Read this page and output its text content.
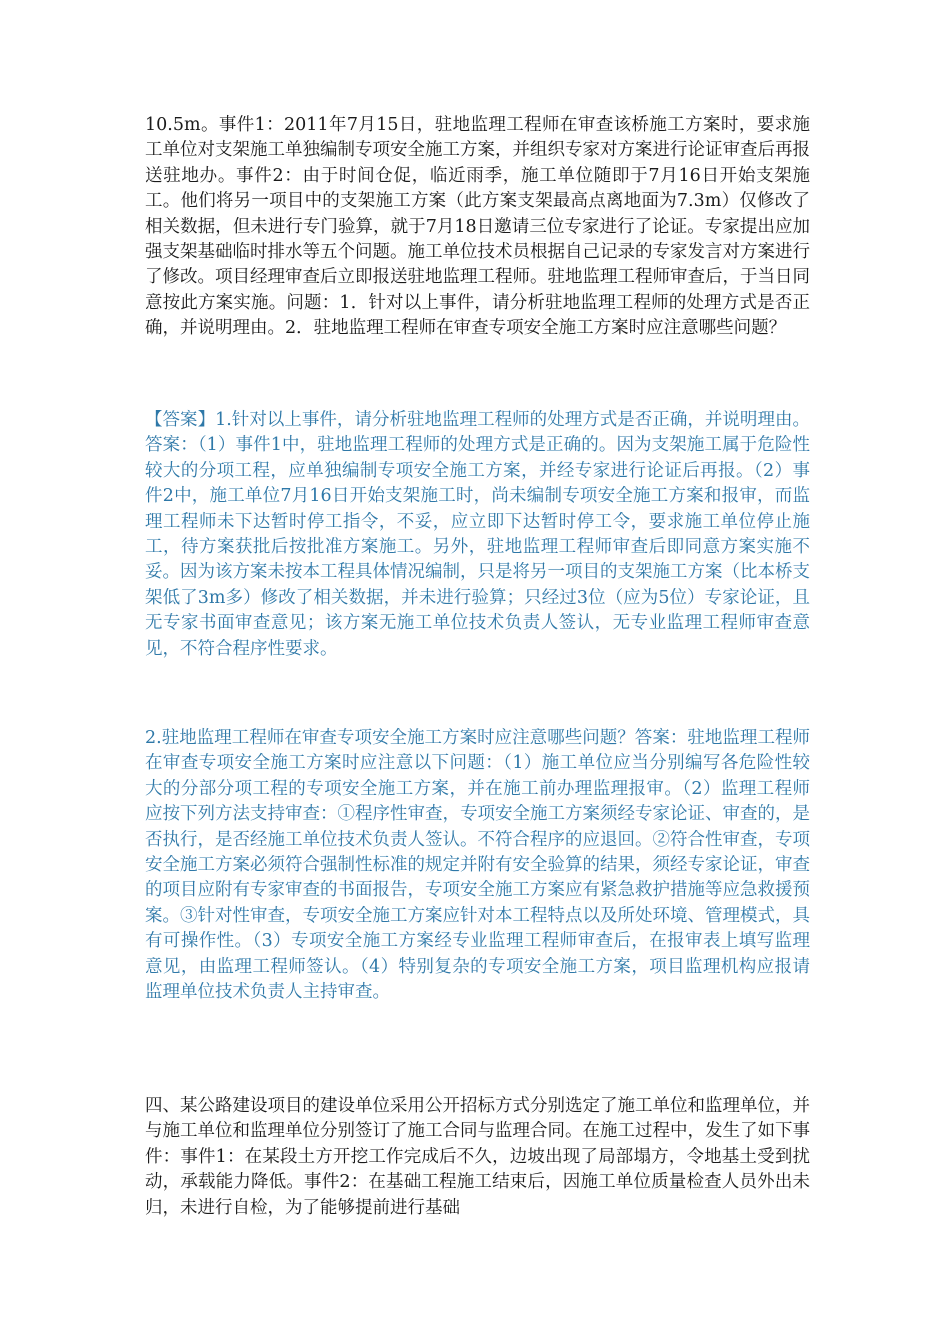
10.5m。事件1：2011年7月15日，驻地监理工程师在审查该桥施工方案时，要求施工单位对支架施工单独编制专项安全施工方案，并组织专家对方案进行论证审查后再报送驻地办。事件2：由于时间仓促，临近雨季，施工单位随即于7月16日开始支架施工。他们将另一项目中的支架施工方案（此方案支架最高点离地面为7.3m）仅修改了相关数据，但未进行专门验算，就于7月18日邀请三位专家进行了论证。专家提出应加强支架基础临时排水等五个问题。施工单位技术员根据自己记录的专家发言对方案进行了修改。项目经理审查后立即报送驻地监理工程师。驻地监理工程师审查后，于当日同意按此方案实施。问题：1．针对以上事件，请分析驻地监理工程师的处理方式是否正确，并说明理由。2．驻地监理工程师在审查专项安全施工方案时应注意哪些问题？

【答案】1.针对以上事件，请分析驻地监理工程师的处理方式是否正确，并说明理由。答案：（1）事件1中，驻地监理工程师的处理方式是正确的。因为支架施工属于危险性较大的分项工程，应单独编制专项安全施工方案，并经专家进行论证后再报。（2）事件2中，施工单位7月16日开始支架施工时，尚未编制专项安全施工方案和报审，而监理工程师未下达暂时停工指令，不妥，应立即下达暂时停工令，要求施工单位停止施工，待方案获批后按批准方案施工。另外，驻地监理工程师审查后即同意方案实施不妥。因为该方案未按本工程具体情况编制，只是将另一项目的支架施工方案（比本桥支架低了3m多）修改了相关数据，并未进行验算；只经过3位（应为5位）专家论证，且无专家书面审查意见；该方案无施工单位技术负责人签认，无专业监理工程师审查意见，不符合程序性要求。

2.驻地监理工程师在审查专项安全施工方案时应注意哪些问题？答案：驻地监理工程师在审查专项安全施工方案时应注意以下问题：（1）施工单位应当分别编写各危险性较大的分部分项工程的专项安全施工方案，并在施工前办理监理报审。（2）监理工程师应按下列方法支持审查：①程序性审查，专项安全施工方案须经专家论证、审查的，是否执行，是否经施工单位技术负责人签认。不符合程序的应退回。②符合性审查，专项安全施工方案必须符合强制性标准的规定并附有安全验算的结果，须经专家论证，审查的项目应附有专家审查的书面报告，专项安全施工方案应有紧急救护措施等应急救援预案。③针对性审查，专项安全施工方案应针对本工程特点以及所处环境、管理模式，具有可操作性。（3）专项安全施工方案经专业监理工程师审查后，在报审表上填写监理意见，由监理工程师签认。（4）特别复杂的专项安全施工方案，项目监理机构应报请监理单位技术负责人主持审查。

四、某公路建设项目的建设单位采用公开招标方式分别选定了施工单位和监理单位，并与施工单位和监理单位分别签订了施工合同与监理合同。在施工过程中，发生了如下事件：事件1：在某段土方开挖工作完成后不久，边坡出现了局部塌方，令地基土受到扰动，承载能力降低。事件2：在基础工程施工结束后，因施工单位质量检查人员外出未归，未进行自检，为了能够提前进行基础
